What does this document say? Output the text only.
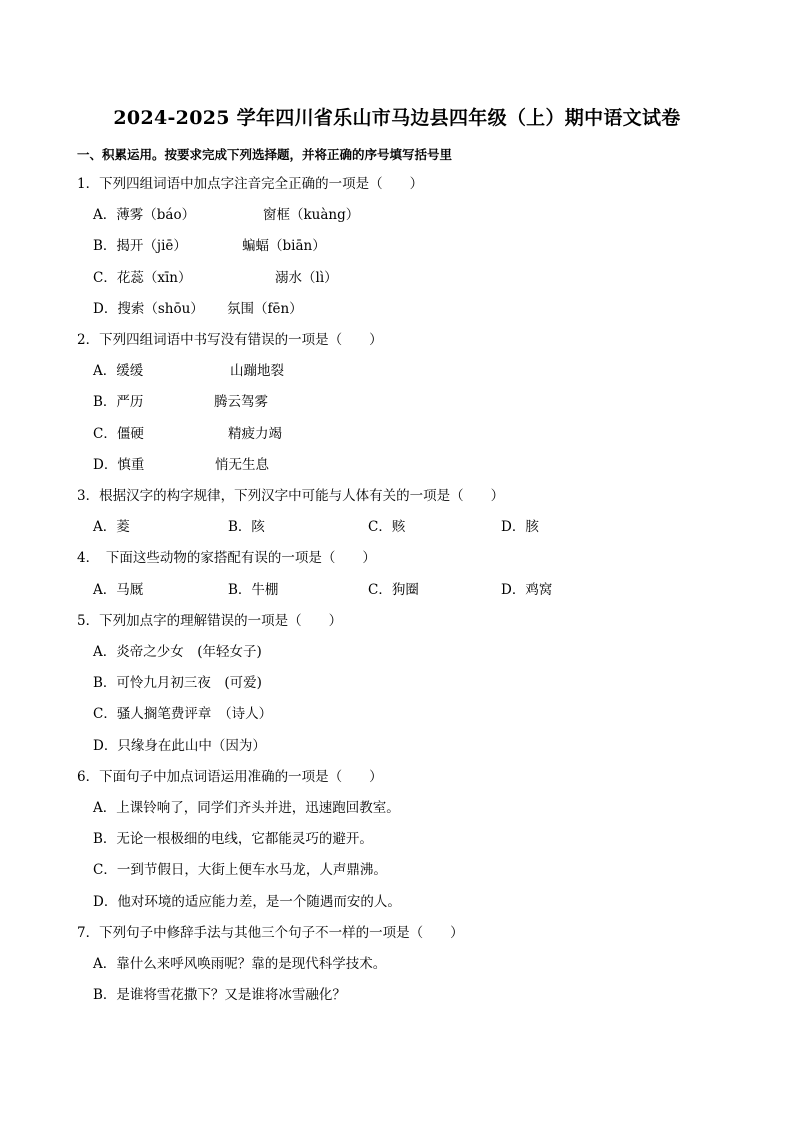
2024-2025 学年四川省乐山市马边县四年级（上）期中语文试卷
一、积累运用。按要求完成下列选择题，并将正确的序号填写括号里
1．下列四组词语中加点字注音完全正确的一项是（　　）
A．薄雾（báo）	窗框（kuàng）
B．揭开（jiē）	蝙蝠（biān）
C．花蕊（xīn）	溺水（lì）
D．搜索（shōu） 氛围（fēn）
2．下列四组词语中书写没有错误的一项是（　　）
A．缓缓	山蹦地裂
B．严历	腾云驾雾
C．僵硬	精疲力竭
D．慎重	悄无生息
3．根据汉字的构字规律，下列汉字中可能与人体有关的一项是（　　）
A．菱	B．陔	C．赅	D．胲
4．　下面这些动物的家搭配有误的一项是（　　）
A．马厩	B．牛棚	C．狗圈	D．鸡窝
5．下列加点字的理解错误的一项是（　　）
A．炎帝之少女　(年轻女子)
B．可怜九月初三夜　(可爱)
C．骚人搁笔费评章　（诗人）
D．只缘身在此山中（因为）
6．下面句子中加点词语运用准确的一项是（　　）
A．上课铃响了，同学们齐头并进，迅速跑回教室。
B．无论一根极细的电线，它都能灵巧的避开。
C．一到节假日，大街上便车水马龙，人声鼎沸。
D．他对环境的适应能力差，是一个随遇而安的人。
7．下列句子中修辞手法与其他三个句子不一样的一项是（　　）
A．靠什么来呼风唤雨呢？靠的是现代科学技术。
B．是谁将雪花撒下？又是谁将冰雪融化？
